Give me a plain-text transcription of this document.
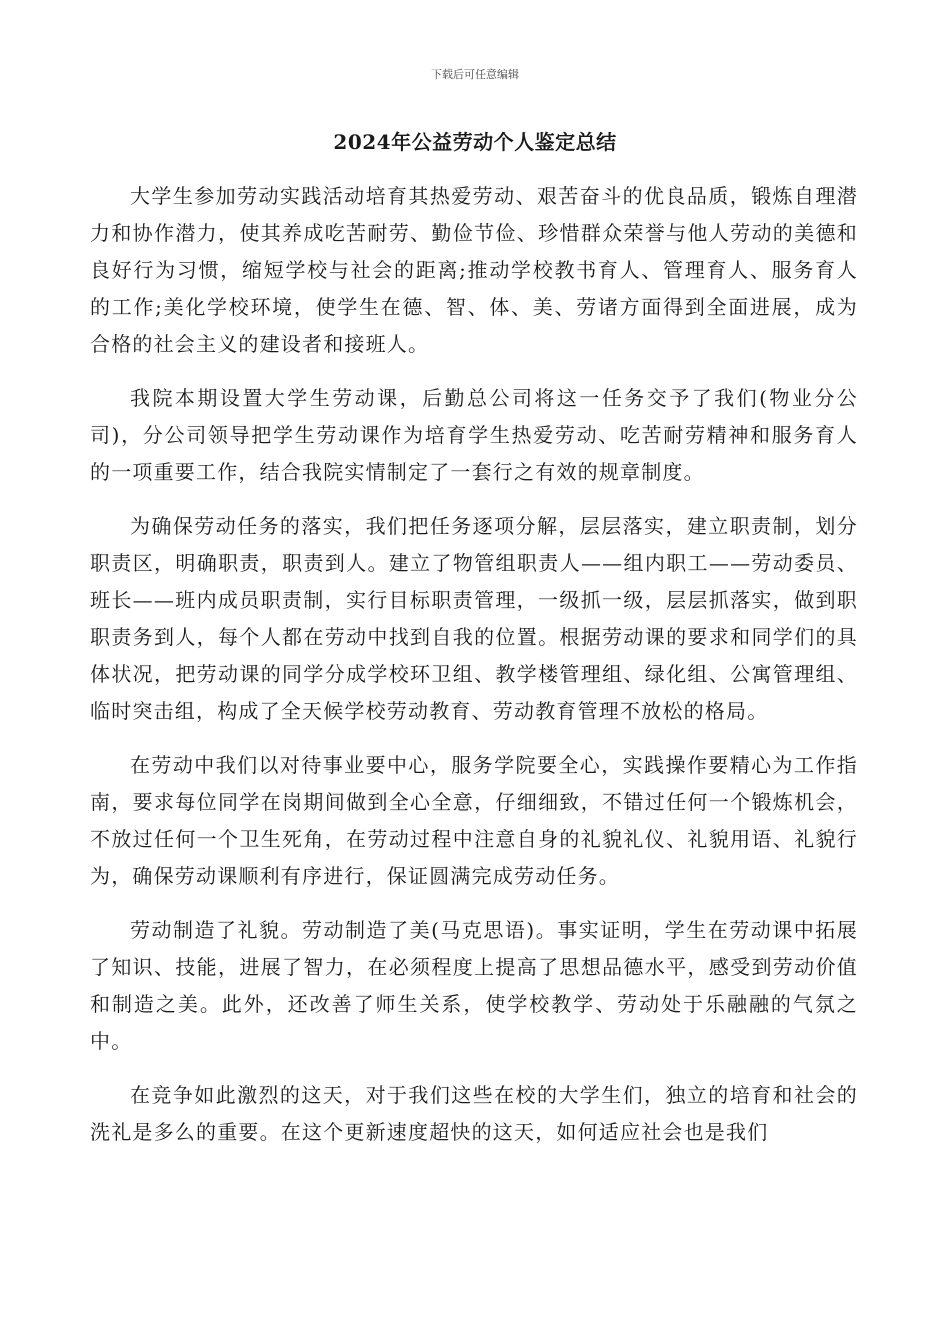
下载后可任意编辑
2024年公益劳动个人鉴定总结

大学生参加劳动实践活动培育其热爱劳动、艰苦奋斗的优良品质，锻炼自理潜力和协作潜力，使其养成吃苦耐劳、勤俭节俭、珍惜群众荣誉与他人劳动的美德和良好行为习惯，缩短学校与社会的距离;推动学校教书育人、管理育人、服务育人的工作;美化学校环境，使学生在德、智、体、美、劳诸方面得到全面进展，成为合格的社会主义的建设者和接班人。

我院本期设置大学生劳动课，后勤总公司将这一任务交予了我们(物业分公司)，分公司领导把学生劳动课作为培育学生热爱劳动、吃苦耐劳精神和服务育人的一项重要工作，结合我院实情制定了一套行之有效的规章制度。

为确保劳动任务的落实，我们把任务逐项分解，层层落实，建立职责制，划分职责区，明确职责，职责到人。建立了物管组职责人——组内职工——劳动委员、班长——班内成员职责制，实行目标职责管理，一级抓一级，层层抓落实，做到职职责务到人，每个人都在劳动中找到自我的位置。根据劳动课的要求和同学们的具体状况，把劳动课的同学分成学校环卫组、教学楼管理组、绿化组、公寓管理组、临时突击组，构成了全天候学校劳动教育、劳动教育管理不放松的格局。

在劳动中我们以对待事业要中心，服务学院要全心，实践操作要精心为工作指南，要求每位同学在岗期间做到全心全意，仔细细致，不错过任何一个锻炼机会，不放过任何一个卫生死角，在劳动过程中注意自身的礼貌礼仪、礼貌用语、礼貌行为，确保劳动课顺利有序进行，保证圆满完成劳动任务。

劳动制造了礼貌。劳动制造了美(马克思语)。事实证明，学生在劳动课中拓展了知识、技能，进展了智力，在必须程度上提高了思想品德水平，感受到劳动价值和制造之美。此外，还改善了师生关系，使学校教学、劳动处于乐融融的气氛之中。

在竞争如此激烈的这天，对于我们这些在校的大学生们，独立的培育和社会的洗礼是多么的重要。在这个更新速度超快的这天，如何适应社会也是我们
